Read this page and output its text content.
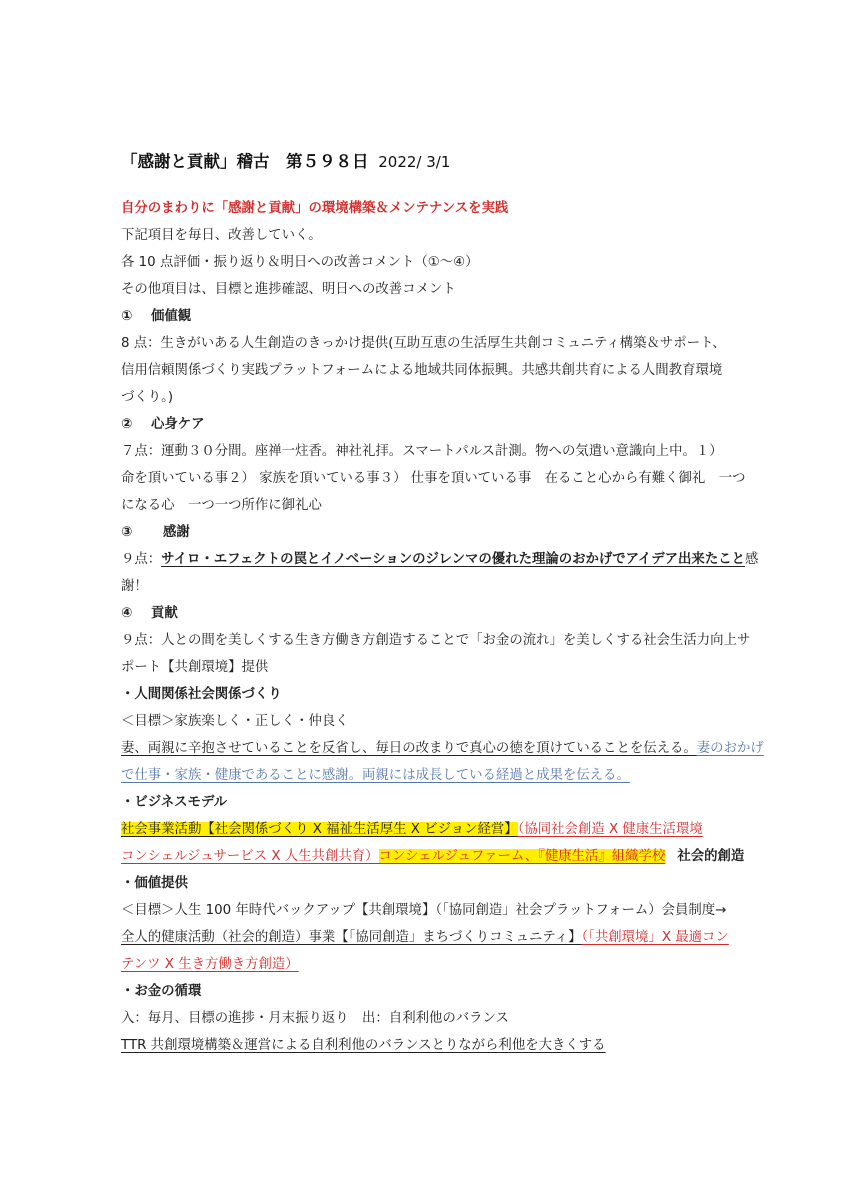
「感謝と貢献」稽古　第５９８日 2022/ 3/1

自分のまわりに「感謝と貢献」の環境構築＆メンテナンスを実践

下記項目を毎日、改善していく。

各 10 点評価・振り返り＆明日への改善コメント（①～④）

その他項目は、目標と進捗確認、明日への改善コメント

① 価値観

8 点：生きがいある人生創造のきっかけ提供(互助互恵の生活厚生共創コミュニティ構築＆サポート、

信用信頼関係づくり実践プラットフォームによる地域共同体振興。共感共創共育による人間教育環境

づくり。)

② 心身ケア

７点：運動３０分間。座禅一炷香。神社礼拝。スマートパルス計測。物への気遣い意識向上中。１）

命を頂いている事２） 家族を頂いている事３） 仕事を頂いている事　在ること心から有難く御礼　一つ

になる心　一つ一つ所作に御礼心

③ 感謝

９点：サイロ・エフェクトの罠とイノベーションのジレンマの優れた理論のおかげでアイデア出来たこと感

謝！

④ 貢献

９点：人との間を美しくする生き方働き方創造することで「お金の流れ」を美しくする社会生活力向上サ

ポート【共創環境】提供

・人間関係社会関係づくり

＜目標＞家族楽しく・正しく・仲良く

妻、両親に辛抱させていることを反省し、毎日の改まりで真心の徳を頂けていることを伝える。妻のおかげ

で仕事・家族・健康であることに感謝。両親には成長している経過と成果を伝える。

・ビジネスモデル

社会事業活動【社会関係づくり X 福祉生活厚生 X ビジョン経営】（協同社会創造 X 健康生活環境

コンシェルジュサービス X 人生共創共育）コンシェルジュファーム、『健康生活』組織学校 社会的創造

・価値提供

＜目標＞人生 100 年時代バックアップ【共創環境】（「協同創造」社会プラットフォーム）会員制度→

全人的健康活動（社会的創造）事業【「協同創造」まちづくりコミュニティ】（「共創環境」X 最適コン

テンツ X 生き方働き方創造）

・お金の循環

入：毎月、目標の進捗・月末振り返り　出：自利利他のバランス

TTR 共創環境構築＆運営による自利利他のバランスとりながら利他を大きくする
